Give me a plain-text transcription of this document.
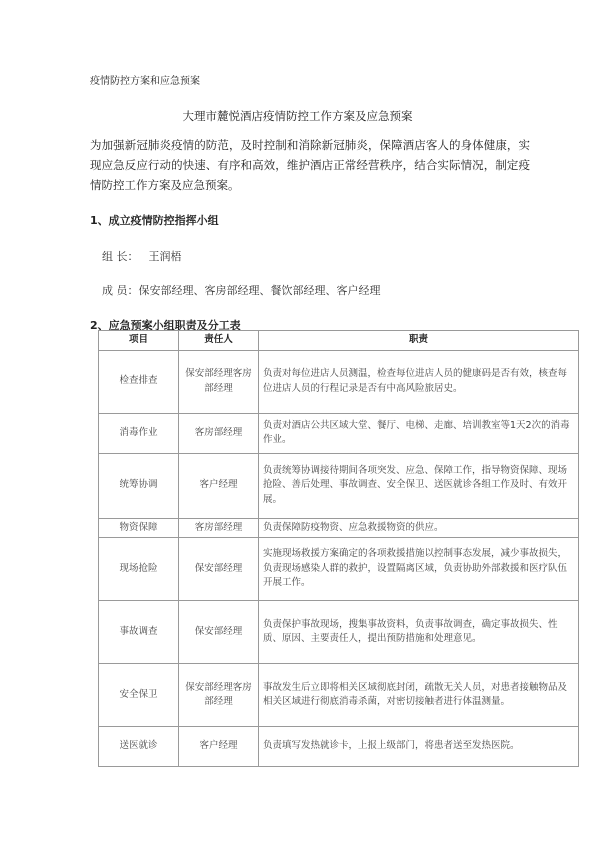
疫情防控方案和应急预案
大理市麓悦酒店疫情防控工作方案及应急预案
为加强新冠肺炎疫情的防范，及时控制和消除新冠肺炎，保障酒店客人的身体健康，实现应急反应行动的快速、有序和高效，维护酒店正常经营秩序，结合实际情况，制定疫情防控工作方案及应急预案。
1、成立疫情防控指挥小组
组 长： 王润梧
成 员：保安部经理、客房部经理、餐饮部经理、客户经理
2、应急预案小组职责及分工表
项目	责任人	职责
检查排查	保安部经理客房部经理	负责对每位进店人员测温，检查每位进店人员的健康码是否有效，核查每位进店人员的行程记录是否有中高风险旅居史。
消毒作业	客房部经理	负责对酒店公共区域大堂、餐厅、电梯、走廊、培训教室等1天2次的消毒作业。
统筹协调	客户经理	负责统筹协调接待期间各项突发、应急、保障工作，指导物资保障、现场抢险、善后处理、事故调查、安全保卫、送医就诊各组工作及时、有效开展。
物资保障	客房部经理	负责保障防疫物资、应急救援物资的供应。
现场抢险	保安部经理	实施现场救援方案确定的各项救援措施以控制事态发展，减少事故损失，负责现场感染人群的救护，设置隔离区域，负责协助外部救援和医疗队伍开展工作。
事故调查	保安部经理	负责保护事故现场，搜集事故资料，负责事故调查，确定事故损失、性质、原因、主要责任人，提出预防措施和处理意见。
安全保卫	保安部经理客房部经理	事故发生后立即将相关区域彻底封闭，疏散无关人员，对患者接触物品及相关区域进行彻底消毒杀菌，对密切接触者进行体温测量。
送医就诊	客户经理	负责填写发热就诊卡，上报上级部门，将患者送至发热医院。
